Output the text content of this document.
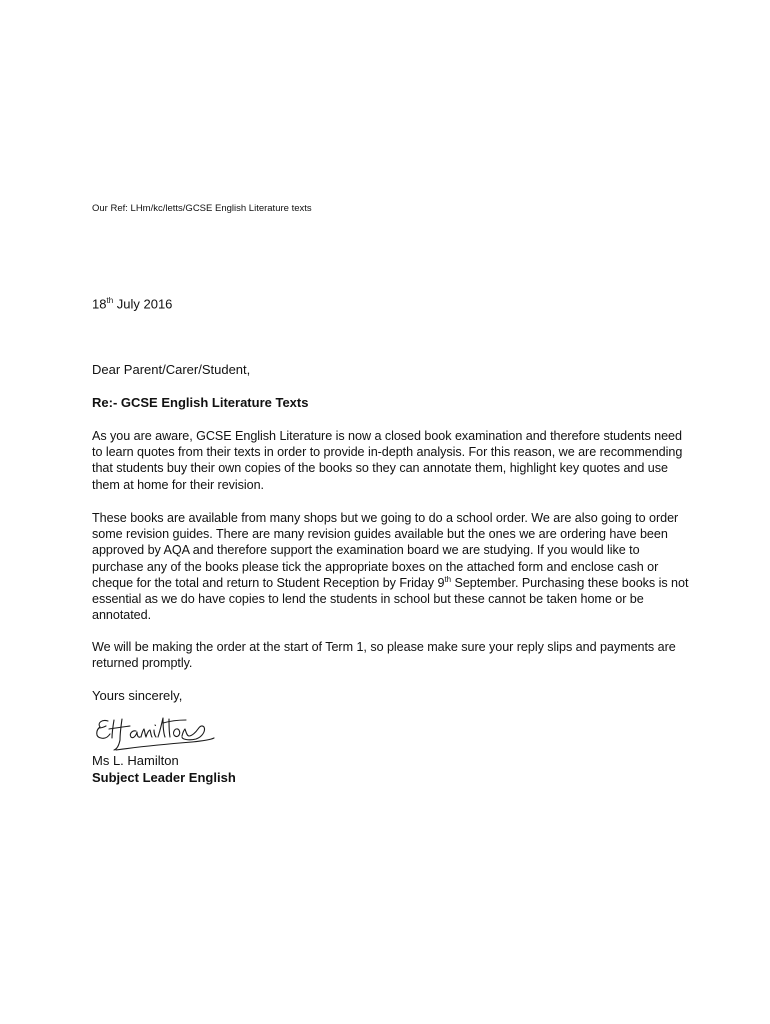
Our Ref: LHm/kc/letts/GCSE English Literature texts
18th July 2016
Dear Parent/Carer/Student,
Re:- GCSE English Literature Texts
As you are aware, GCSE English Literature is now a closed book examination and therefore students need to learn quotes from their texts in order to provide in-depth analysis. For this reason, we are recommending that students buy their own copies of the books so they can annotate them, highlight key quotes and use them at home for their revision.
These books are available from many shops but we going to do a school order. We are also going to order some revision guides. There are many revision guides available but the ones we are ordering have been approved by AQA and therefore support the examination board we are studying. If you would like to purchase any of the books please tick the appropriate boxes on the attached form and enclose cash or cheque for the total and return to Student Reception by Friday 9th September. Purchasing these books is not essential as we do have copies to lend the students in school but these cannot be taken home or be annotated.
We will be making the order at the start of Term 1, so please make sure your reply slips and payments are returned promptly.
Yours sincerely,
Ms L. Hamilton
Subject Leader English
